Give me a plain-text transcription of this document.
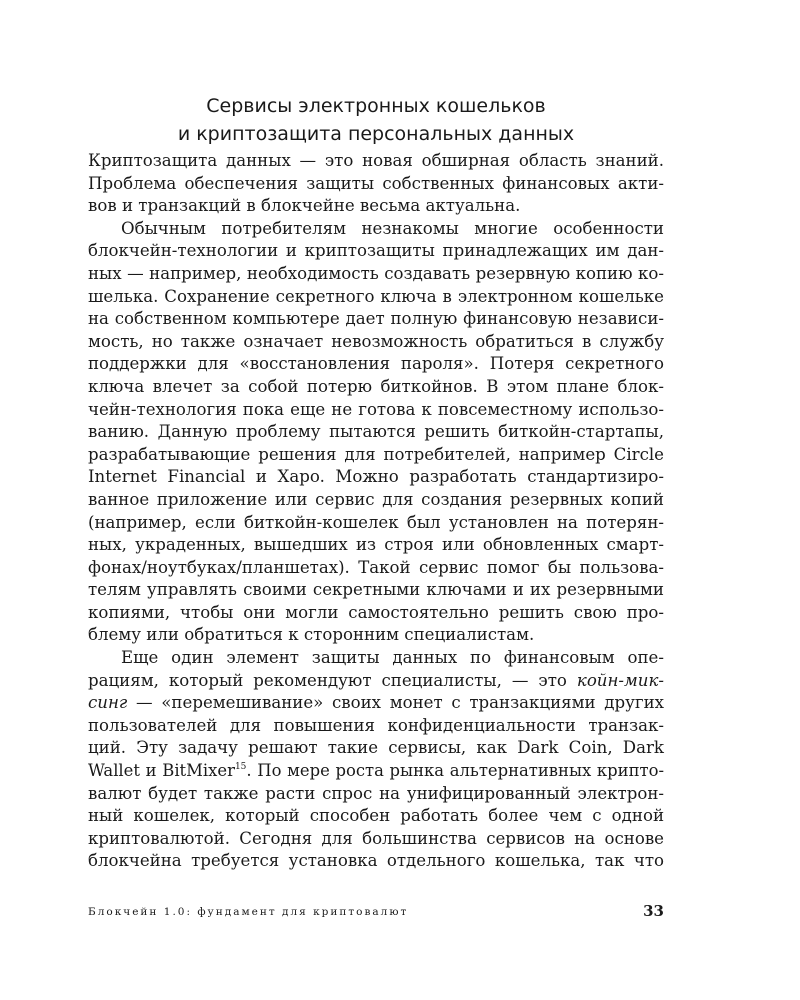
Сервисы электронных кошельков
и криптозащита персональных данных
Криптозащита данных — это новая обширная область знаний.
Проблема обеспечения защиты собственных финансовых акти-
вов и транзакций в блокчейне весьма актуальна.
Обычным потребителям незнакомы многие особенности
блокчейн-технологии и криптозащиты принадлежащих им дан-
ных — например, необходимость создавать резервную копию ко-
шелька. Сохранение секретного ключа в электронном кошельке
на собственном компьютере дает полную финансовую независи-
мость, но также означает невозможность обратиться в службу
поддержки для «восстановления пароля». Потеря секретного
ключа влечет за собой потерю биткойнов. В этом плане блок-
чейн-технология пока еще не готова к повсеместному использо-
ванию. Данную проблему пытаются решить биткойн-стартапы,
разрабатывающие решения для потребителей, например Circle
Internet Financial и Xapo. Можно разработать стандартизиро-
ванное приложение или сервис для создания резервных копий
(например, если биткойн-кошелек был установлен на потерян-
ных, украденных, вышедших из строя или обновленных смарт-
фонах/ноутбуках/планшетах). Такой сервис помог бы пользова-
телям управлять своими секретными ключами и их резервными
копиями, чтобы они могли самостоятельно решить свою про-
блему или обратиться к сторонним специалистам.
Еще один элемент защиты данных по финансовым опе-
рациям, который рекомендуют специалисты, — это койн-мик-
синг — «перемешивание» своих монет с транзакциями других
пользователей для повышения конфиденциальности транзак-
ций. Эту задачу решают такие сервисы, как Dark Coin, Dark
Wallet и BitMixer$^{15}$. По мере роста рынка альтернативных крипто-
валют будет также расти спрос на унифицированный электрон-
ный кошелек, который способен работать более чем с одной
криптовалютой. Сегодня для большинства сервисов на основе
блокчейна требуется установка отдельного кошелька, так что
Блокчейн 1.0: фундамент для криптовалют	33
